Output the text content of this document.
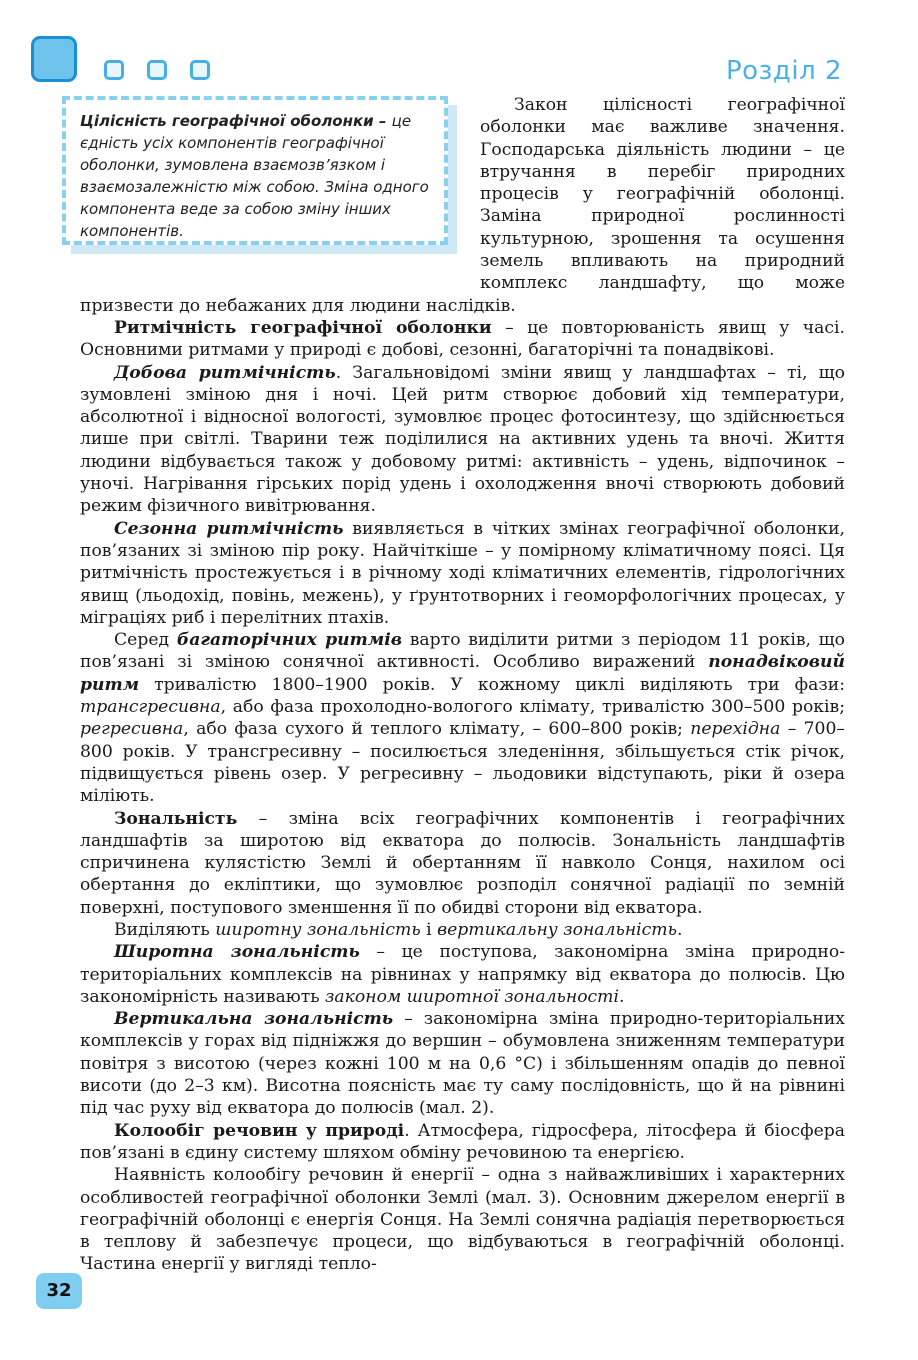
Розділ 2
Цілісність географічної оболонки – це єдність усіх компонентів географічної оболонки, зумовлена взаємозв’язком і взаємозалежністю між собою. Зміна одного компонента веде за собою зміну інших компонентів.

Закон цілісності географічної оболонки має важливе значення. Господарська діяльність людини – це втручання в перебіг природних процесів у географічній оболонці. Заміна природної рослинності культурною, зрошення та осушення земель впливають на природний комплекс ландшафту, що може призвести до небажаних для людини наслідків.

Ритмічність географічної оболонки – це повторюваність явищ у часі. Основними ритмами у природі є добові, сезонні, багаторічні та понадвікові.

Добова ритмічність. Загальновідомі зміни явищ у ландшафтах – ті, що зумовлені зміною дня і ночі. Цей ритм створює добовий хід температури, абсолютної і відносної вологості, зумовлює процес фотосинтезу, що здійснюється лише при світлі. Тварини теж поділилися на активних удень та вночі. Життя людини відбувається також у добовому ритмі: активність – удень, відпочинок – уночі. Нагрівання гірських порід удень і охолодження вночі створюють добовий режим фізичного вивітрювання.

Сезонна ритмічність виявляється в чітких змінах географічної оболонки, пов’язаних зі зміною пір року. Найчіткіше – у помірному кліматичному поясі. Ця ритмічність простежується і в річному ході кліматичних елементів, гідрологічних явищ (льодохід, повінь, межень), у ґрунтотворних і геоморфологічних процесах, у міграціях риб і перелітних птахів.

Серед багаторічних ритмів варто виділити ритми з періодом 11 років, що пов’язані зі зміною сонячної активності. Особливо виражений понадвіковий ритм тривалістю 1800–1900 років. У кожному циклі виділяють три фази: трансгресивна, або фаза прохолодно-вологого клімату, тривалістю 300–500 років; регресивна, або фаза сухого й теплого клімату, – 600–800 років; перехідна – 700–800 років. У трансгресивну – посилюється зледеніння, збільшується стік річок, підвищується рівень озер. У регресивну – льодовики відступають, ріки й озера міліють.

Зональність – зміна всіх географічних компонентів і географічних ландшафтів за широтою від екватора до полюсів. Зональність ландшафтів спричинена кулястістю Землі й обертанням її навколо Сонця, нахилом осі обертання до екліптики, що зумовлює розподіл сонячної радіації по земній поверхні, поступового зменшення її по обидві сторони від екватора.

Виділяють широтну зональність і вертикальну зональність.

Широтна зональність – це поступова, закономірна зміна природно-територіальних комплексів на рівнинах у напрямку від екватора до полюсів. Цю закономірність називають законом широтної зональності.

Вертикальна зональність – закономірна зміна природно-територіальних комплексів у горах від підніжжя до вершин – обумовлена зниженням температури повітря з висотою (через кожні 100 м на 0,6 °С) і збільшенням опадів до певної висоти (до 2–3 км). Висотна поясність має ту саму послідовність, що й на рівнині під час руху від екватора до полюсів (мал. 2).

Колообіг речовин у природі. Атмосфера, гідросфера, літосфера й біосфера пов’язані в єдину систему шляхом обміну речовиною та енергією.

Наявність колообігу речовин й енергії – одна з найважливіших і характерних особливостей географічної оболонки Землі (мал. 3). Основним джерелом енергії в географічній оболонці є енергія Сонця. На Землі сонячна радіація перетворюється в теплову й забезпечує процеси, що відбуваються в географічній оболонці. Частина енергії у вигляді тепло-

32
